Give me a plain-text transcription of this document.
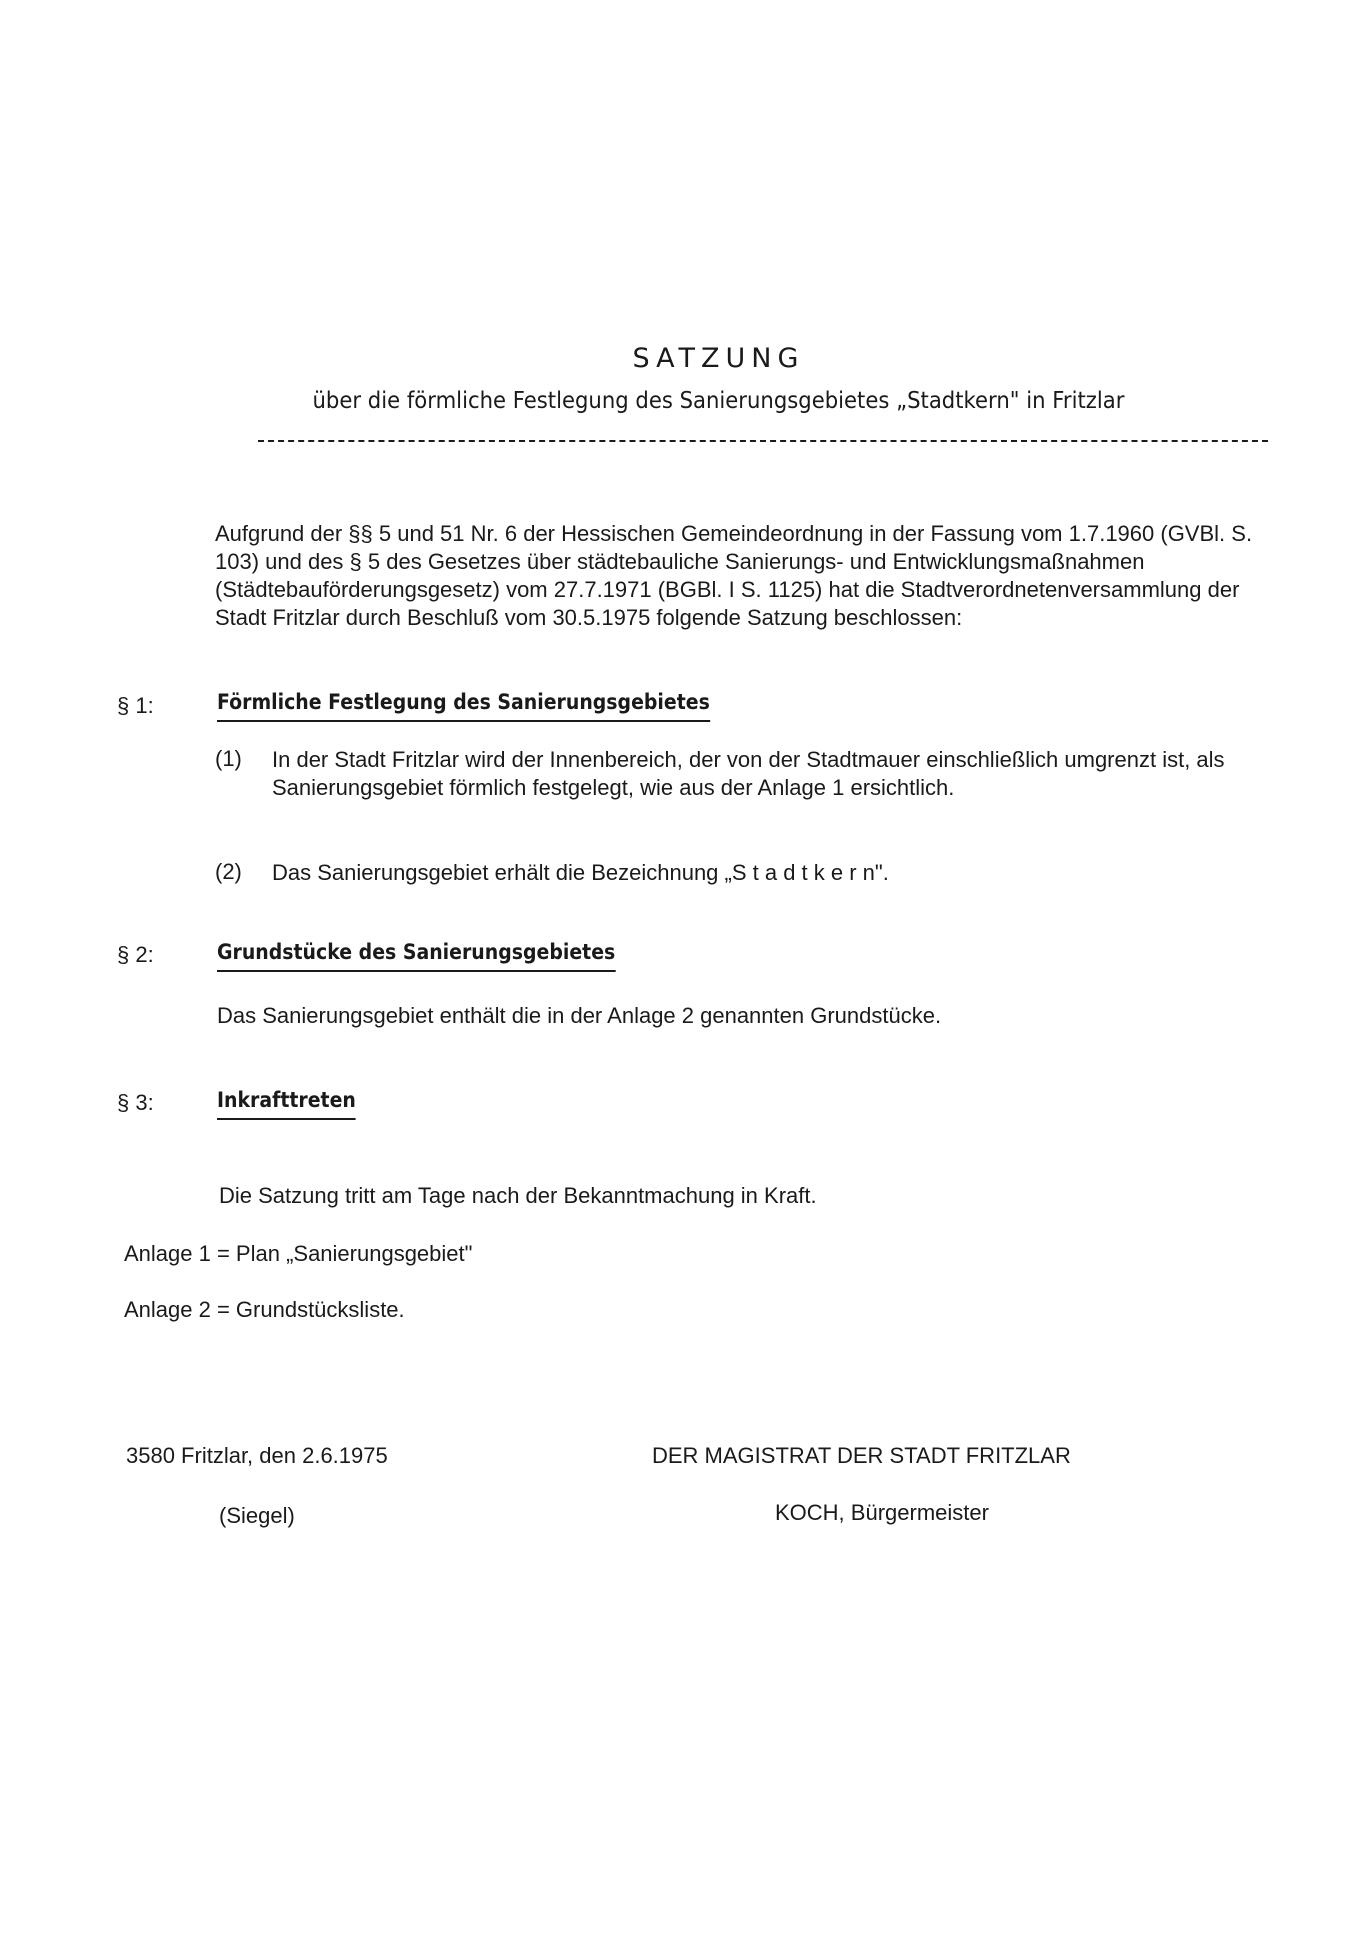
SATZUNG
über die förmliche Festlegung des Sanierungsgebietes „Stadtkern" in Fritzlar
Aufgrund der §§ 5 und 51 Nr. 6 der Hessischen Gemeindeordnung in der Fassung vom 1.7.1960 (GVBl. S. 103) und des § 5 des Gesetzes über städtebauliche Sanierungs- und Entwicklungsmaßnahmen (Städtebauförderungsgesetz) vom 27.7.1971 (BGBl. I S. 1125) hat die Stadtverordnetenversammlung der Stadt Fritzlar durch Beschluß vom 30.5.1975 folgende Satzung beschlossen:
§ 1:	Förmliche Festlegung des Sanierungsgebietes
(1) In der Stadt Fritzlar wird der Innenbereich, der von der Stadtmauer einschließlich umgrenzt ist, als Sanierungsgebiet förmlich festgelegt, wie aus der Anlage 1 ersichtlich.
(2) Das Sanierungsgebiet erhält die Bezeichnung „S t a d t k e r n".
§ 2:	Grundstücke des Sanierungsgebietes
Das Sanierungsgebiet enthält die in der Anlage 2 genannten Grundstücke.
§ 3:	Inkrafttreten
Die Satzung tritt am Tage nach der Bekanntmachung in Kraft.
Anlage 1 = Plan „Sanierungsgebiet"
Anlage 2 = Grundstücksliste.
3580 Fritzlar, den 2.6.1975
(Siegel)
DER MAGISTRAT DER STADT FRITZLAR
KOCH, Bürgermeister
